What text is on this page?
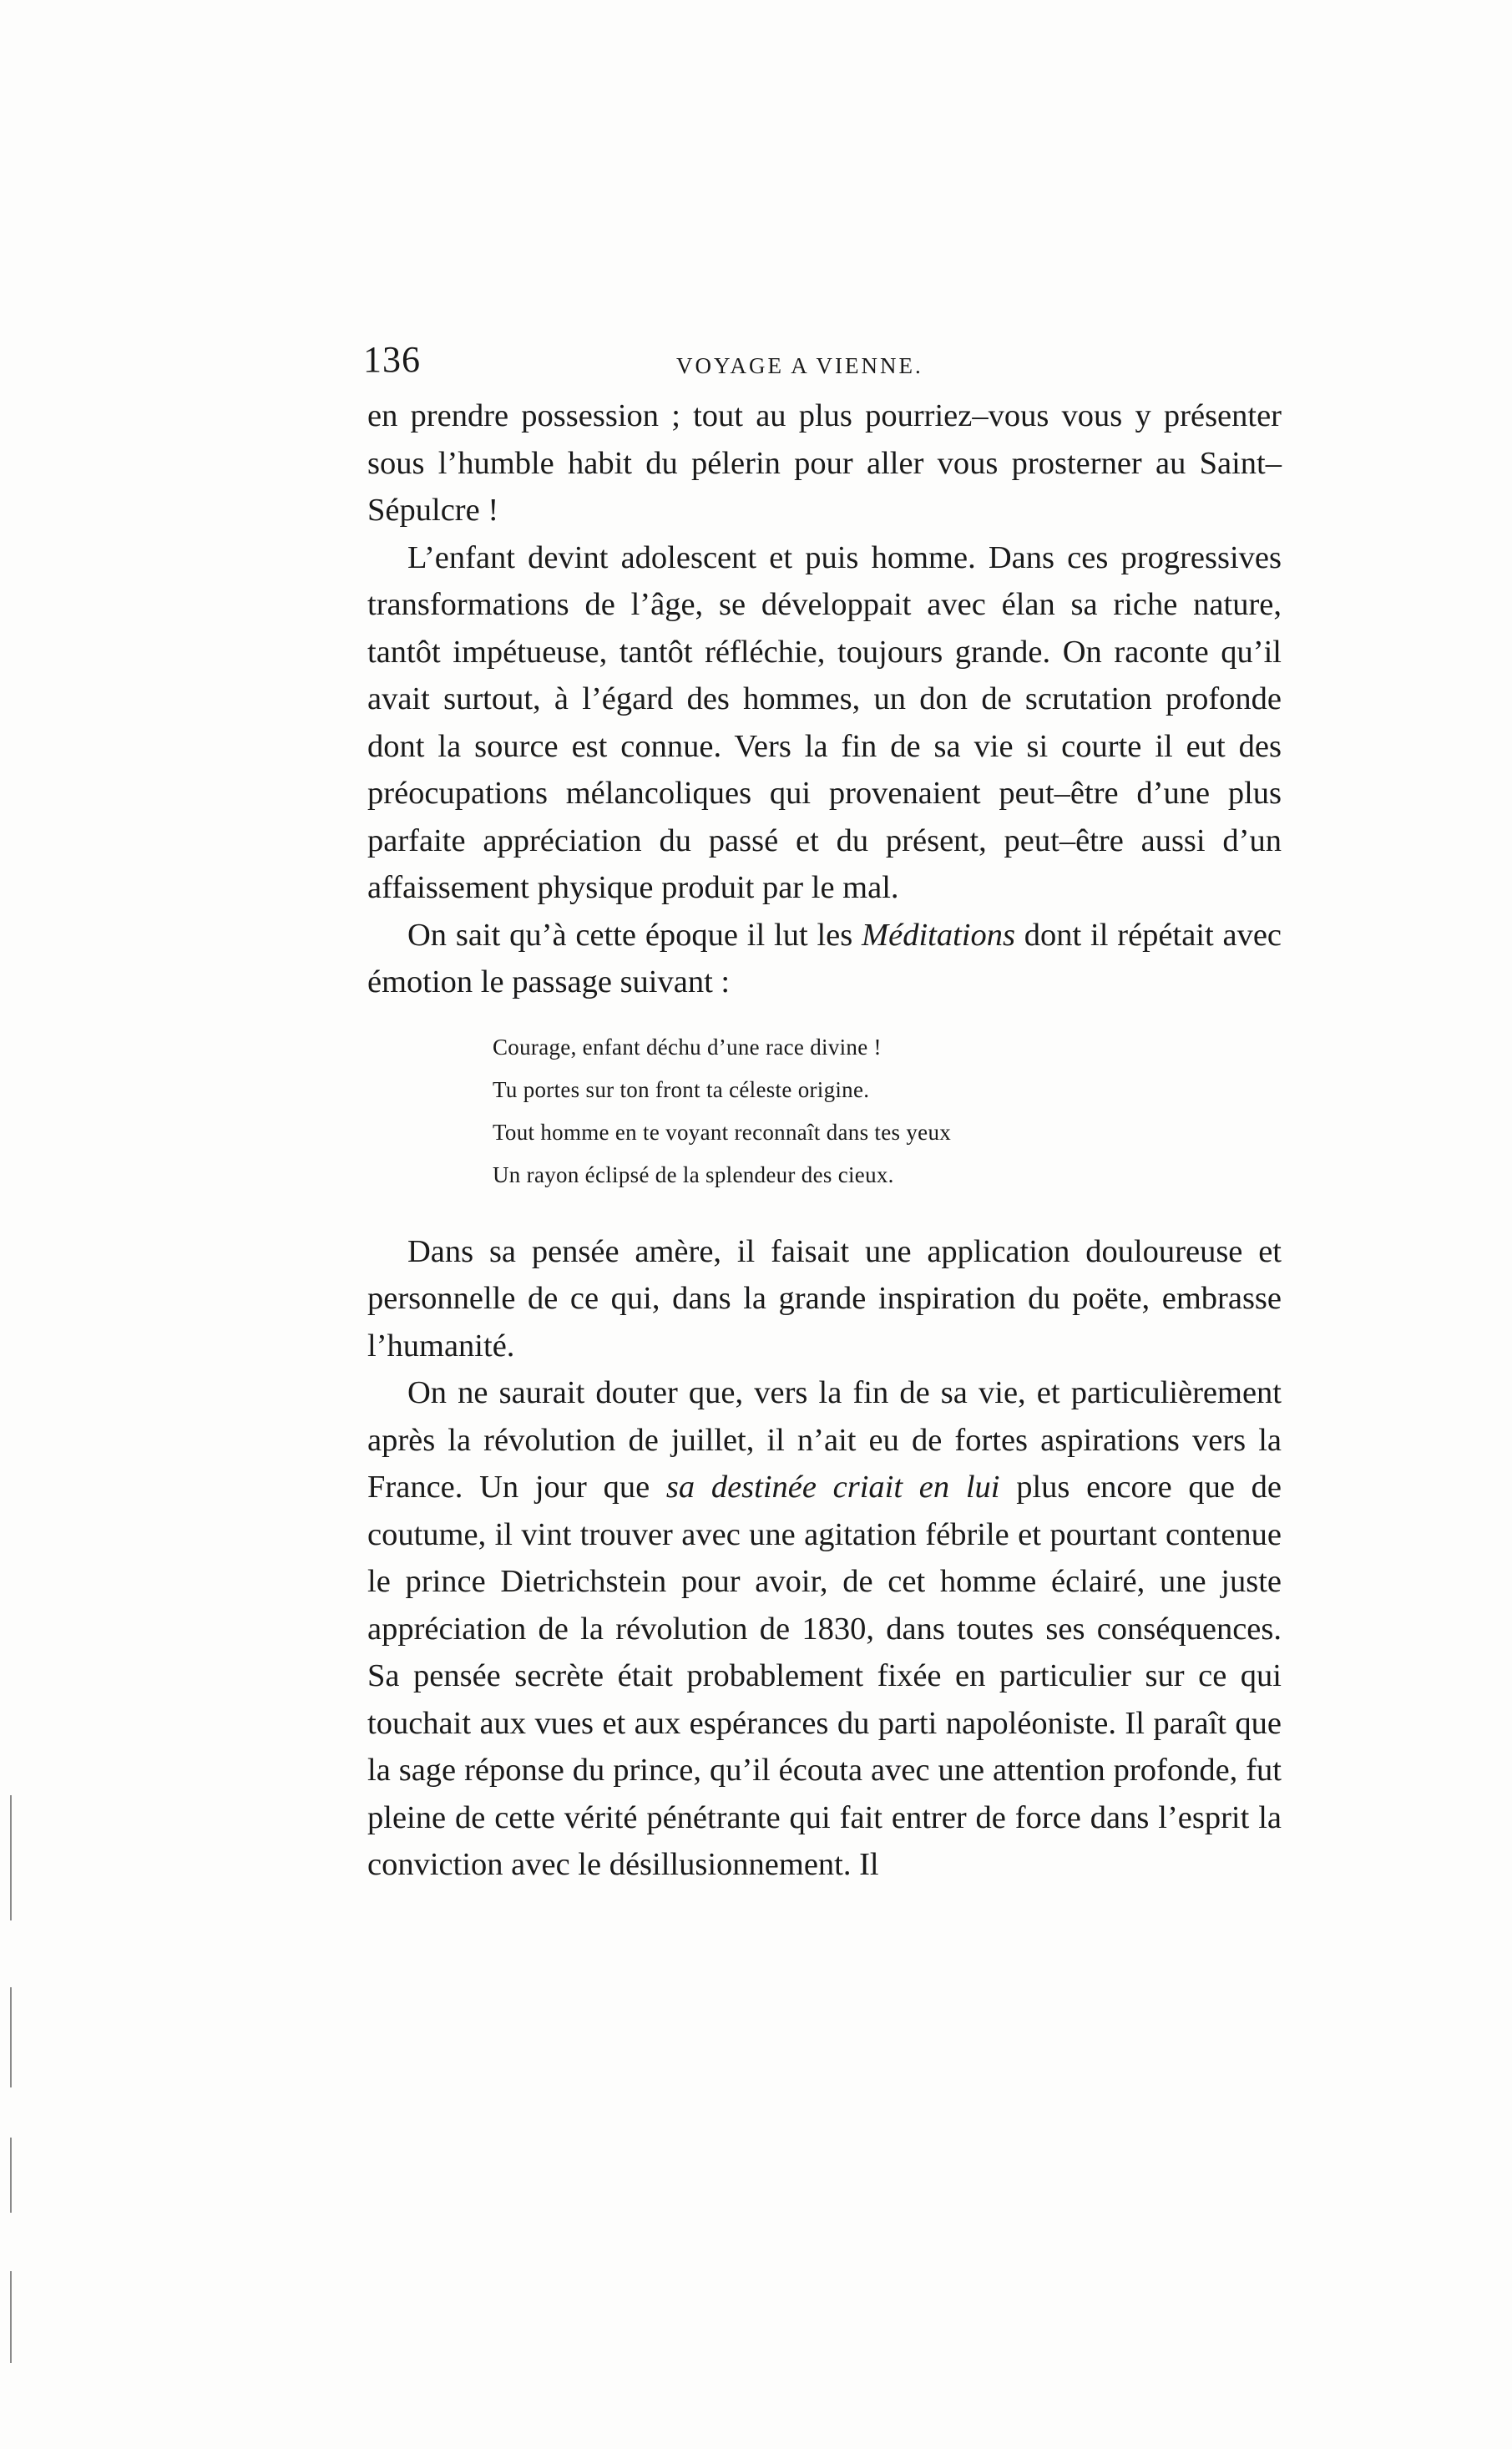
136	VOYAGE A VIENNE.

en prendre possession ; tout au plus pourriez–vous vous y présenter sous l’humble habit du pélerin pour aller vous prosterner au Saint–Sépulcre !

L’enfant devint adolescent et puis homme. Dans ces progressives transformations de l’âge, se développait avec élan sa riche nature, tantôt impétueuse, tantôt réfléchie, toujours grande. On raconte qu’il avait surtout, à l’égard des hommes, un don de scrutation profonde dont la source est connue. Vers la fin de sa vie si courte il eut des préocupations mélancoliques qui provenaient peut–être d’une plus parfaite appréciation du passé et du présent, peut–être aussi d’un affaissement physique produit par le mal.

On sait qu’à cette époque il lut les Méditations dont il répétait avec émotion le passage suivant :

Courage, enfant déchu d’une race divine !

Tu portes sur ton front ta céleste origine.

Tout homme en te voyant reconnaît dans tes yeux

Un rayon éclipsé de la splendeur des cieux.

Dans sa pensée amère, il faisait une application douloureuse et personnelle de ce qui, dans la grande inspiration du poëte, embrasse l’humanité.

On ne saurait douter que, vers la fin de sa vie, et particulièrement après la révolution de juillet, il n’ait eu de fortes aspirations vers la France. Un jour que sa destinée criait en lui plus encore que de coutume, il vint trouver avec une agitation fébrile et pourtant contenue le prince Dietrichstein pour avoir, de cet homme éclairé, une juste appréciation de la révolution de 1830, dans toutes ses conséquences. Sa pensée secrète était probablement fixée en particulier sur ce qui touchait aux vues et aux espérances du parti napoléoniste. Il paraît que la sage réponse du prince, qu’il écouta avec une attention profonde, fut pleine de cette vérité pénétrante qui fait entrer de force dans l’esprit la conviction avec le désillusionnement. Il
